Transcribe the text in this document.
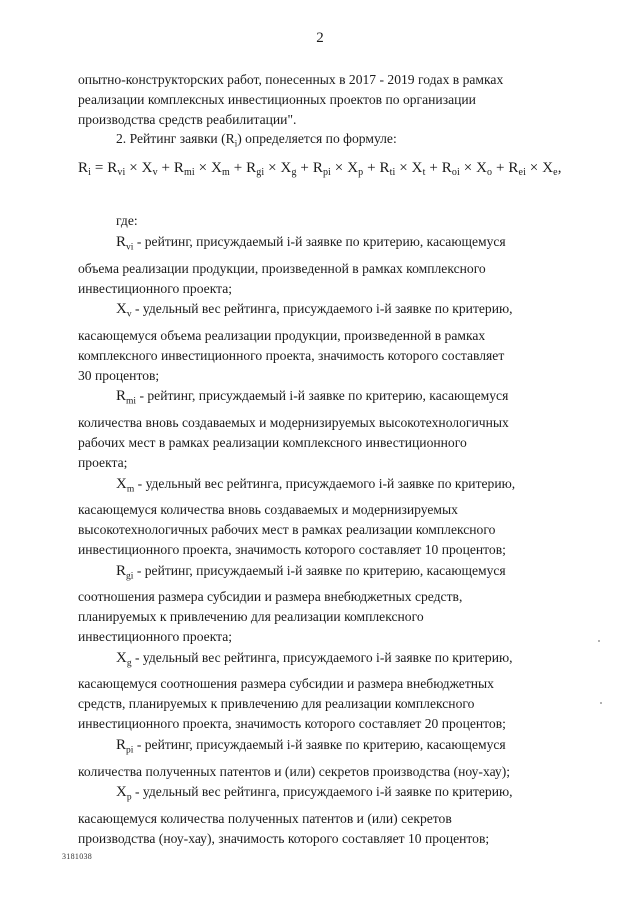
2

опытно-конструкторских работ, понесенных в 2017 - 2019 годах в рамках

реализации комплексных инвестиционных проектов по организации

производства средств реабилитации".

2. Рейтинг заявки $(R_i)$ определяется по формуле:

$R_i = R_{vi} \times X_v + R_{mi} \times X_m + R_{gi} \times X_g + R_{pi} \times X_p + R_{ti} \times X_t + R_{oi} \times X_o + R_{ei} \times X_e$,

где:

$R_{vi}$ - рейтинг, присуждаемый i-й заявке по критерию, касающемуся

объема реализации продукции, произведенной в рамках комплексного

инвестиционного проекта;

$X_v$ - удельный вес рейтинга, присуждаемого i-й заявке по критерию,

касающемуся объема реализации продукции, произведенной в рамках

комплексного инвестиционного проекта, значимость которого составляет

30 процентов;

$R_{mi}$ - рейтинг, присуждаемый i-й заявке по критерию, касающемуся

количества вновь создаваемых и модернизируемых высокотехнологичных

рабочих мест в рамках реализации комплексного инвестиционного

проекта;

$X_m$ - удельный вес рейтинга, присуждаемого i-й заявке по критерию,

касающемуся количества вновь создаваемых и модернизируемых

высокотехнологичных рабочих мест в рамках реализации комплексного

инвестиционного проекта, значимость которого составляет 10 процентов;

$R_{gi}$ - рейтинг, присуждаемый i-й заявке по критерию, касающемуся

соотношения размера субсидии и размера внебюджетных средств,

планируемых к привлечению для реализации комплексного

инвестиционного проекта;

$X_g$ - удельный вес рейтинга, присуждаемого i-й заявке по критерию,

касающемуся соотношения размера субсидии и размера внебюджетных

средств, планируемых к привлечению для реализации комплексного

инвестиционного проекта, значимость которого составляет 20 процентов;

$R_{pi}$ - рейтинг, присуждаемый i-й заявке по критерию, касающемуся

количества полученных патентов и (или) секретов производства (ноу-хау);

$X_p$ - удельный вес рейтинга, присуждаемого i-й заявке по критерию,

касающемуся количества полученных патентов и (или) секретов

производства (ноу-хау), значимость которого составляет 10 процентов;

3181038
